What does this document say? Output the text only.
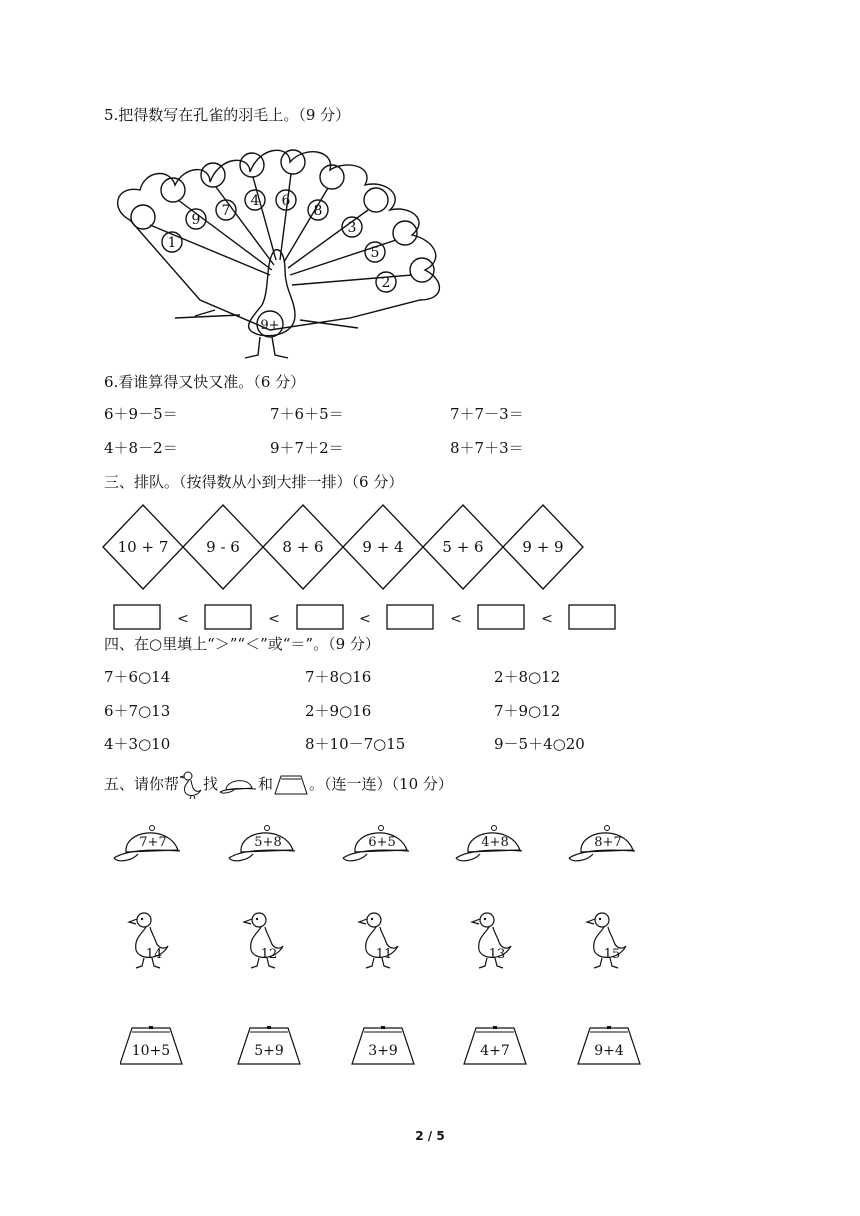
5.把得数写在孔雀的羽毛上。（9 分）
1
9
7
4 6
8
3
5
2
9+
6.看谁算得又快又准。（6 分）
6＋9－5＝	7＋6＋5＝	7＋7－3＝
4＋8－2＝	9＋7＋2＝	8＋7＋3＝
三、排队。（按得数从小到大排一排）（6 分）
10 + 7	9 - 6	8 + 6	9 + 4	5 + 6	9 + 9
<	<	<	<	<
四、在○里填上“＞”“＜”或“＝”。（9 分）
7＋6○14	7＋8○16	2＋8○12
6＋7○13	2＋9○16	7＋9○12
4＋3○10	8＋10－7○15	9－5＋4○20
五、请你帮 找	和 。（连一连）（10 分）
7+7	5+8	6+5	4+8	8+7
14	12	11	13	15
10+5	5+9	3+9	4+7	9+4
2 / 5
